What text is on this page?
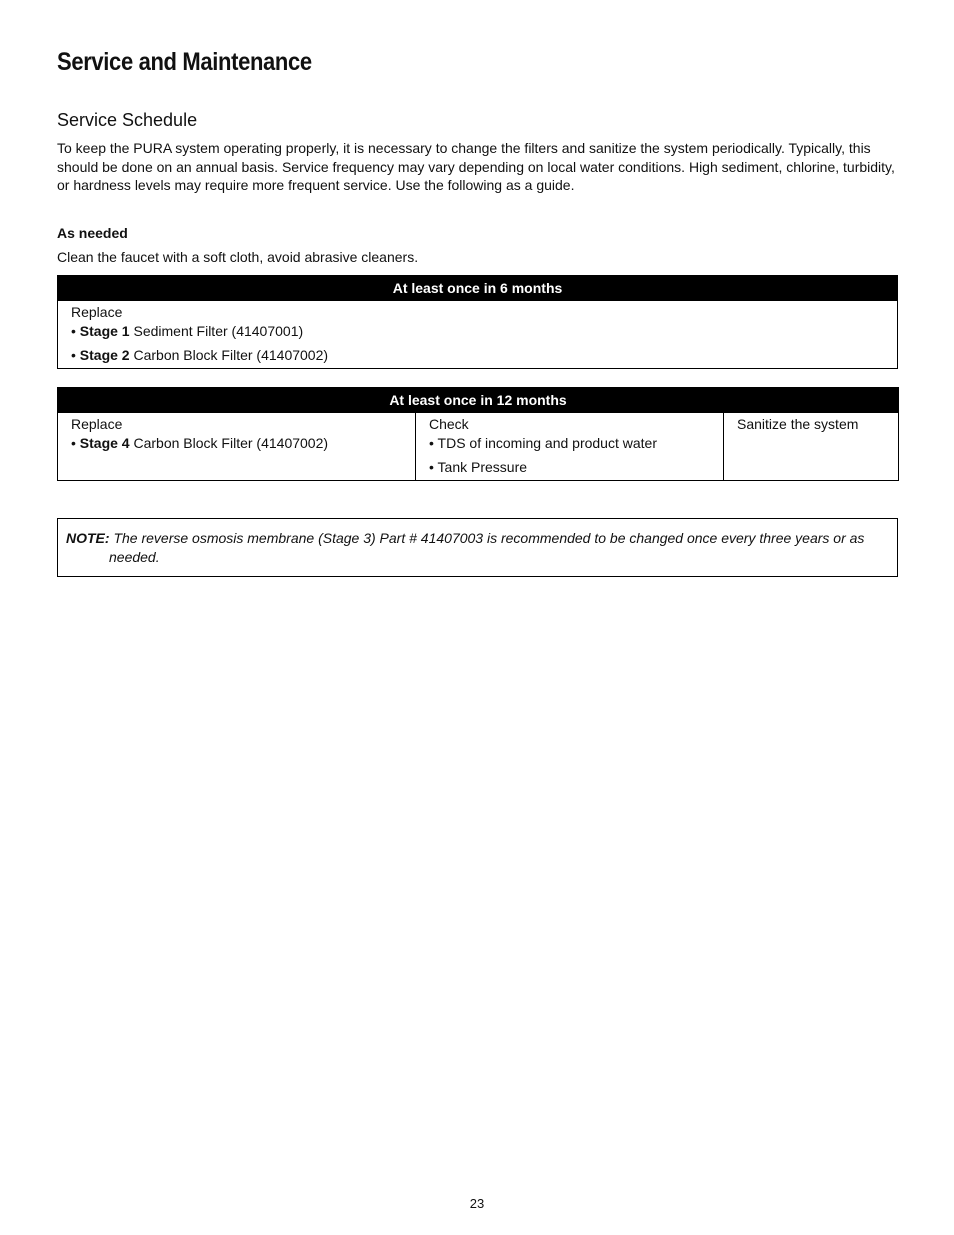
Service and Maintenance
Service Schedule

To keep the PURA system operating properly, it is necessary to change the filters and sanitize the system periodically. Typically, this should be done on an annual basis. Service frequency may vary depending on local water conditions. High sediment, chlorine, turbidity, or hardness levels may require more frequent service. Use the following as a guide.

As needed

Clean the faucet with a soft cloth, avoid abrasive cleaners.

At least once in 6 months

Replace
• Stage 1 Sediment Filter (41407001)
• Stage 2 Carbon Block Filter (41407002)
At least once in 12 months

Replace
• Stage 4 Carbon Block Filter (41407002)

Check
• TDS of incoming and product water
• Tank Pressure

Sanitize the system

NOTE: The reverse osmosis membrane (Stage 3) Part # 41407003 is recommended to be changed once every three years or as needed.

23
